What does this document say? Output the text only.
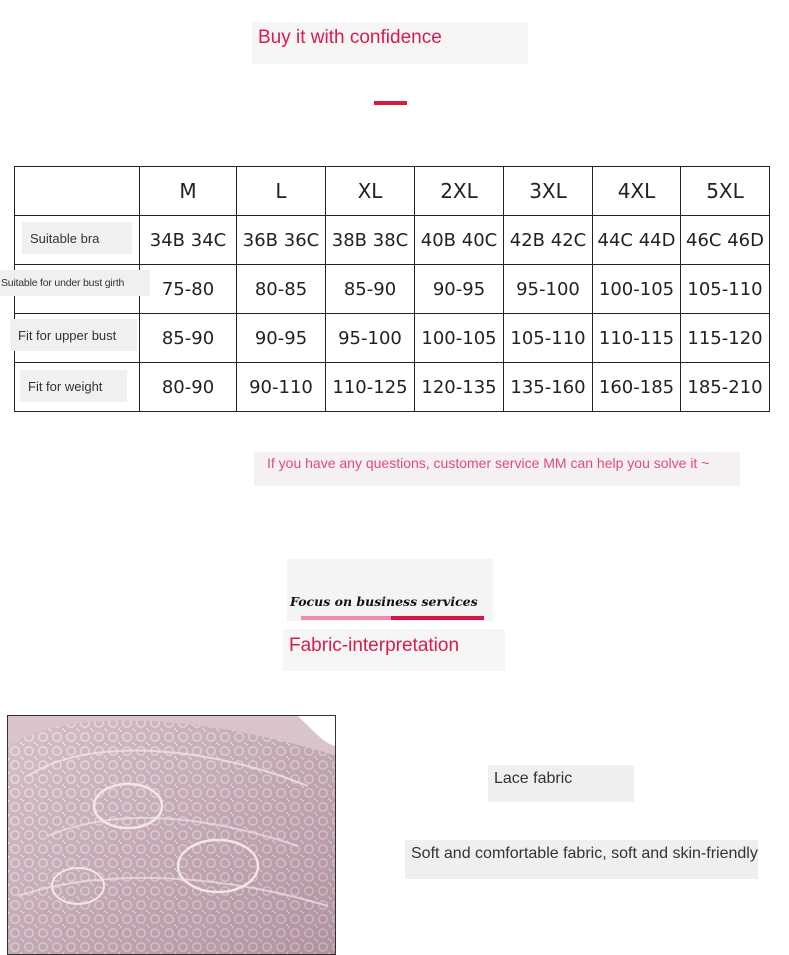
Buy it with confidence
	M	L	XL	2XL	3XL	4XL	5XL

Suitable bra	34B 34C	36B 36C	38B 38C	40B 40C	42B 42C	44C 44D	46C 46D

Suitable for under bust girth	75-80	80-85	85-90	90-95	95-100	100-105	105-110

Fit for upper bust	85-90	90-95	95-100	100-105	105-110	110-115	115-120

Fit for weight	80-90	90-110	110-125	120-135	135-160	160-185	185-210
If you have any questions, customer service MM can help you solve it ~
Focus on business services
Fabric-interpretation
Lace fabric
Soft and comfortable fabric, soft and skin-friendly
